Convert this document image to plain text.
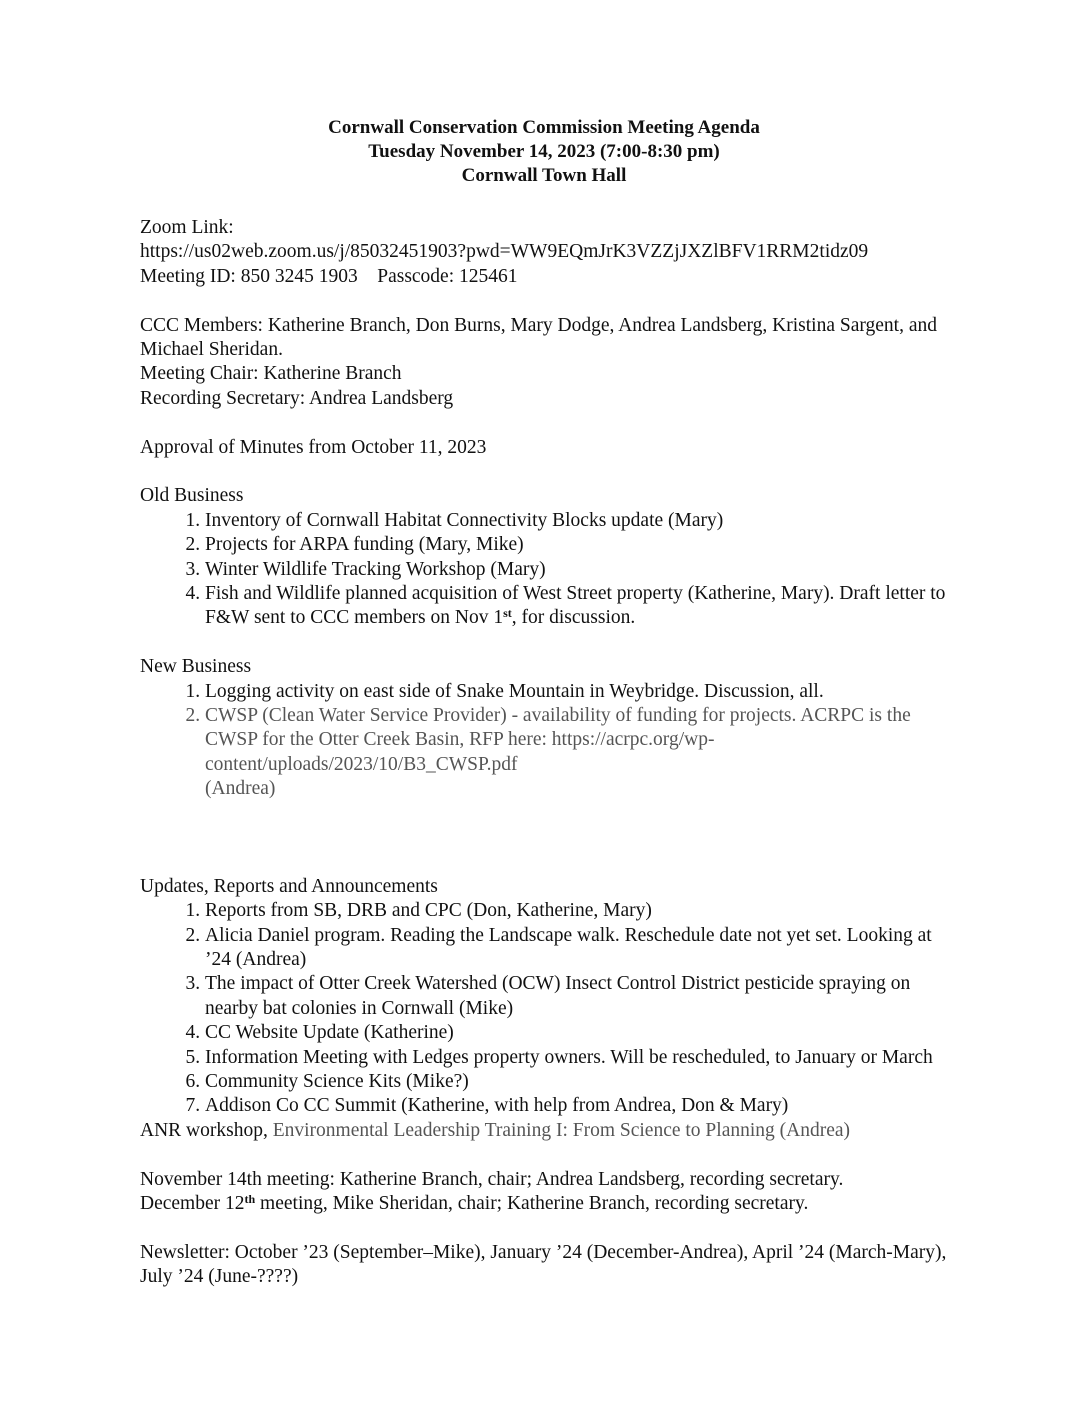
Cornwall Conservation Commission Meeting Agenda
Tuesday November 14, 2023 (7:00-8:30 pm)
Cornwall Town Hall

Zoom Link:

https://us02web.zoom.us/j/85032451903?pwd=WW9EQmJrK3VZZjJXZlBFV1RRM2tidz09

Meeting ID: 850 3245 1903    Passcode: 125461

CCC Members: Katherine Branch, Don Burns, Mary Dodge, Andrea Landsberg, Kristina Sargent, and Michael Sheridan.

Meeting Chair: Katherine Branch

Recording Secretary: Andrea Landsberg

Approval of Minutes from October 11, 2023

Old Business

1. Inventory of Cornwall Habitat Connectivity Blocks update (Mary)
2. Projects for ARPA funding (Mary, Mike)
3. Winter Wildlife Tracking Workshop (Mary)
4. Fish and Wildlife planned acquisition of West Street property (Katherine, Mary). Draft letter to F&W sent to CCC members on Nov 1st, for discussion.

New Business

1. Logging activity on east side of Snake Mountain in Weybridge. Discussion, all.
2. CWSP (Clean Water Service Provider) - availability of funding for projects. ACRPC is the CWSP for the Otter Creek Basin, RFP here: https://acrpc.org/wp-content/uploads/2023/10/B3_CWSP.pdf
(Andrea)

Updates, Reports and Announcements

1. Reports from SB, DRB and CPC (Don, Katherine, Mary)
2. Alicia Daniel program. Reading the Landscape walk. Reschedule date not yet set. Looking at ’24 (Andrea)
3. The impact of Otter Creek Watershed (OCW) Insect Control District pesticide spraying on nearby bat colonies in Cornwall (Mike)
4. CC Website Update (Katherine)
5. Information Meeting with Ledges property owners. Will be rescheduled, to January or March
6. Community Science Kits (Mike?)
7. Addison Co CC Summit (Katherine, with help from Andrea, Don & Mary)

ANR workshop, Environmental Leadership Training I: From Science to Planning (Andrea)

November 14th meeting: Katherine Branch, chair; Andrea Landsberg, recording secretary.

December 12th meeting, Mike Sheridan, chair; Katherine Branch, recording secretary.

Newsletter: October ’23 (September–Mike), January ’24 (December-Andrea), April ’24 (March-Mary), July ’24 (June-????)
